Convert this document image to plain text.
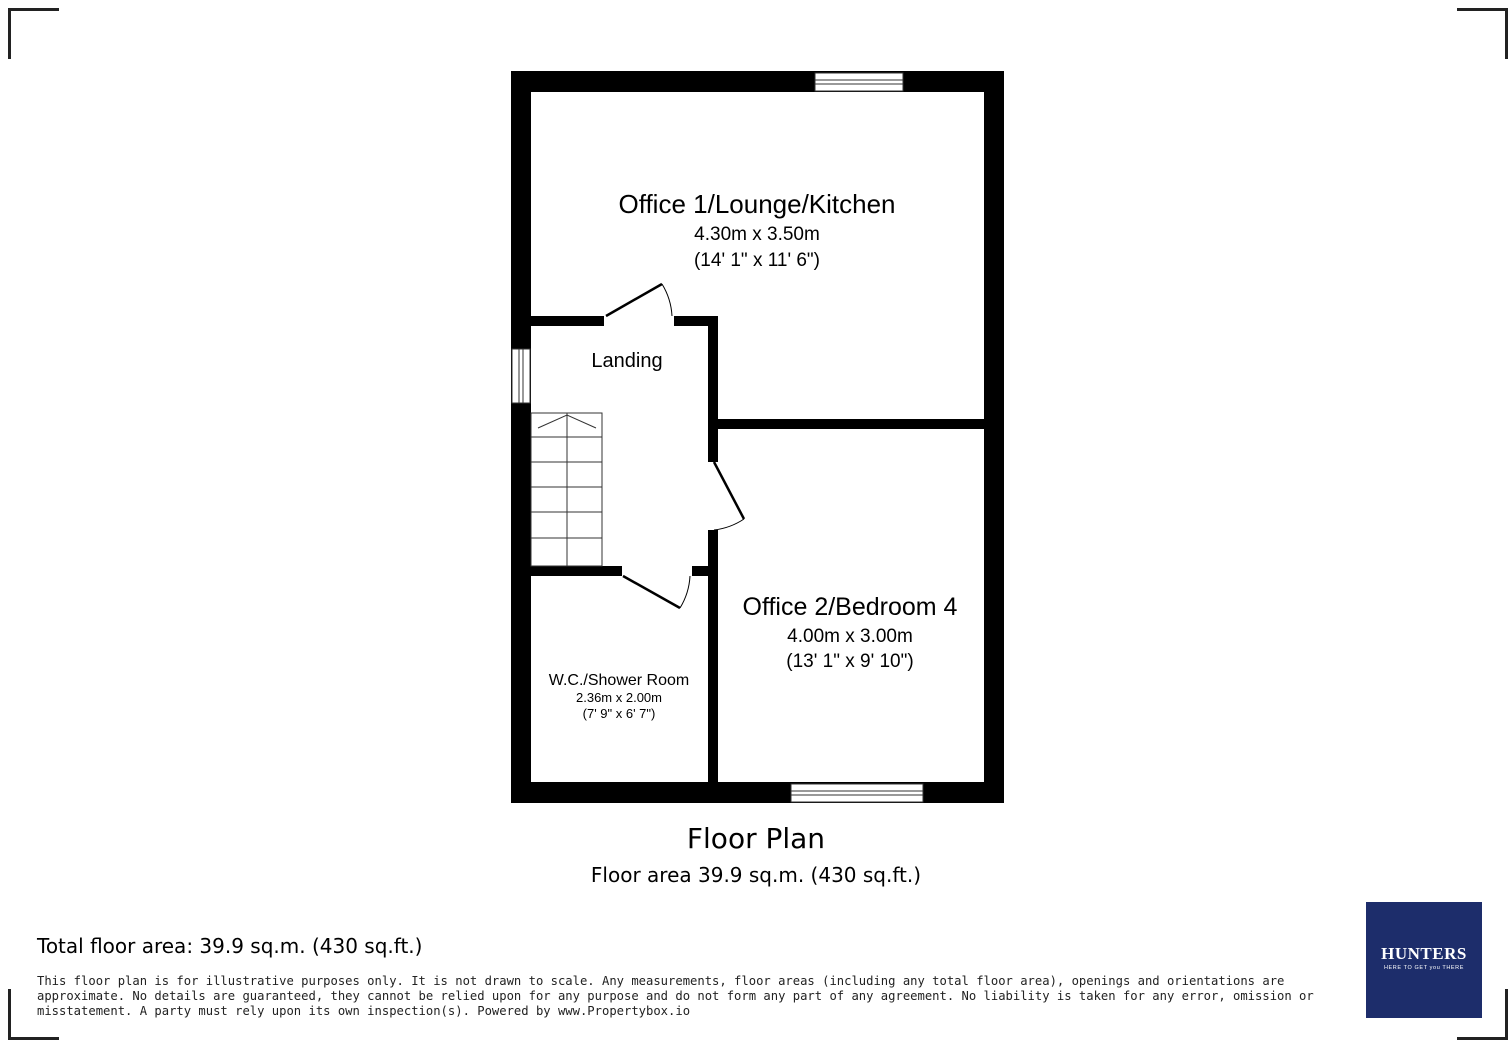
Office 1/Lounge/Kitchen
4.30m x 3.50m
(14' 1" x 11' 6")
Landing
Office 2/Bedroom 4
4.00m x 3.00m
(13' 1" x 9' 10")
W.C./Shower Room
2.36m x 2.00m
(7' 9" x 6' 7")
Floor Plan
Floor area 39.9 sq.m. (430 sq.ft.)
Total floor area: 39.9 sq.m. (430 sq.ft.)
This floor plan is for illustrative purposes only. It is not drawn to scale. Any measurements, floor areas (including any total floor area), openings and orientations are approximate. No details are guaranteed, they cannot be relied upon for any purpose and do not form any part of any agreement. No liability is taken for any error, omission or misstatement. A party must rely upon its own inspection(s). Powered by www.Propertybox.io
HUNTERS
HERE TO GET you THERE
